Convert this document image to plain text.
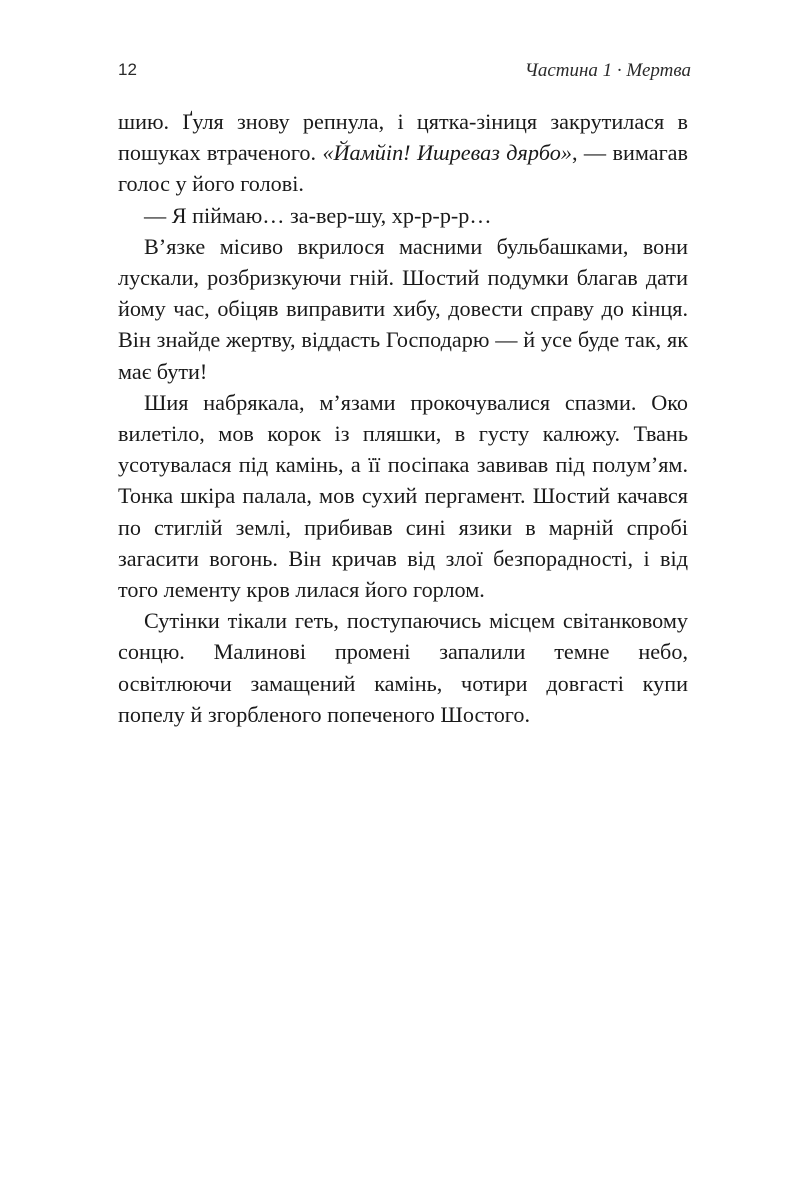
12	Частина 1 · Мертва

шию. Ґуля знову репнула, і цятка-зіниця закрутилася в пошуках втраченого. «Йамйіп! Ишреваз дярбо», — вимагав голос у його голові.

— Я піймаю… за-вер-шу, хр-р-р-р…

В’язке місиво вкрилося масними бульбашками, вони лускали, розбризкуючи гній. Шостий подумки благав дати йому час, обіцяв виправити хибу, довести справу до кінця. Він знайде жертву, віддасть Господарю — й усе буде так, як має бути!

Шия набрякала, м’язами прокочувалися спазми. Око вилетіло, мов корок із пляшки, в густу калюжу. Твань усотувалася під камінь, а її посіпака завивав під полум’ям. Тонка шкіра палала, мов сухий пергамент. Шостий качався по стиглій землі, прибивав сині язики в марній спробі загасити вогонь. Він кричав від злої безпорадності, і від того лементу кров лилася його горлом.

Сутінки тікали геть, поступаючись місцем світанковому сонцю. Малинові промені запалили темне небо, освітлюючи замащений камінь, чотири довгасті купи попелу й згорбленого попеченого Шостого.
